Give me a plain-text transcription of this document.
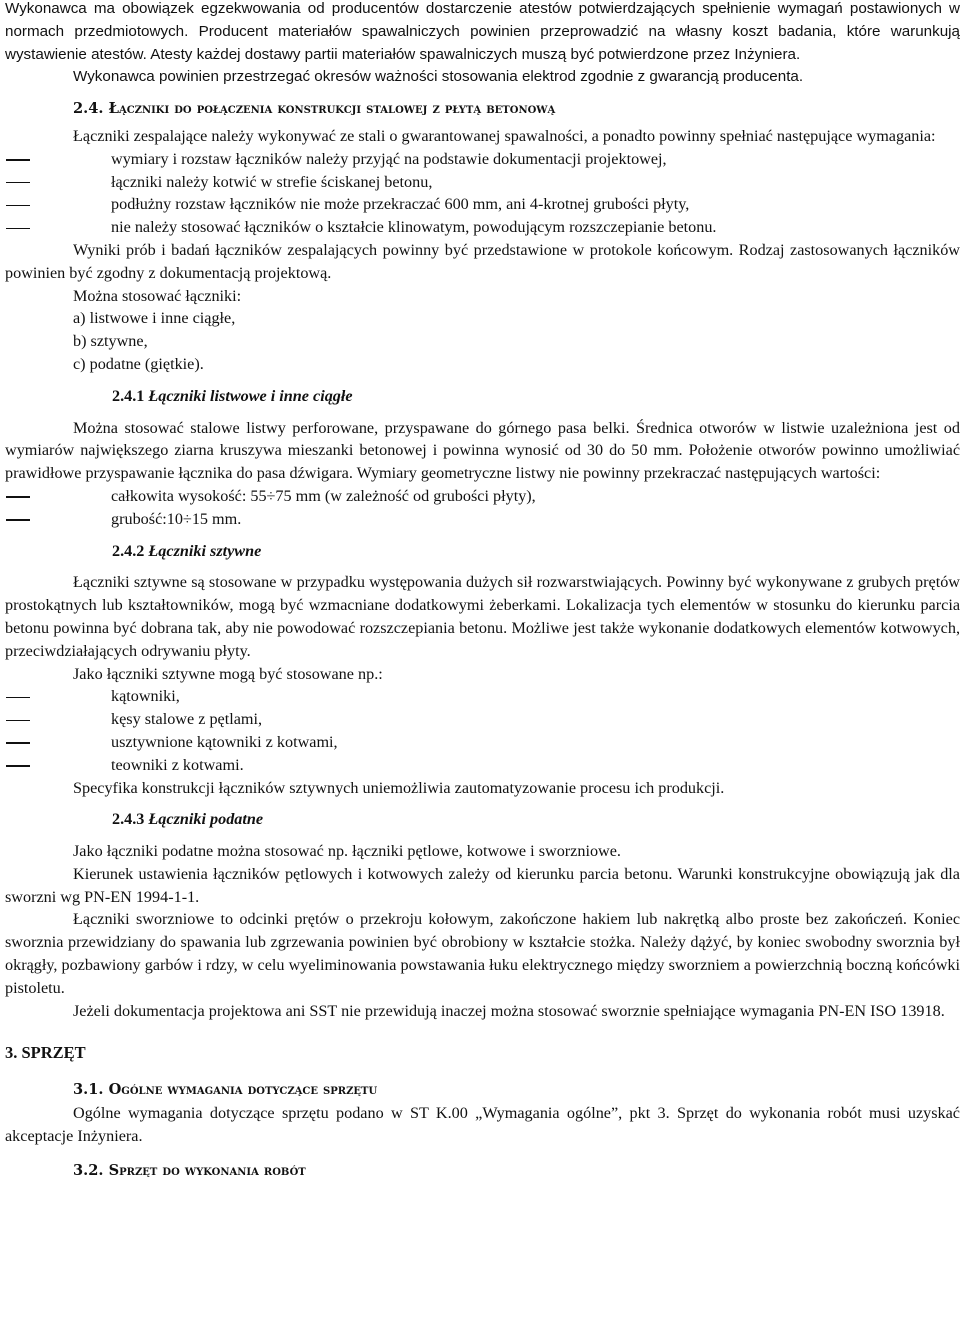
Wykonawca ma obowiązek egzekwowania od producentów dostarczenie atestów potwierdzających spełnienie wymagań postawionych w normach przedmiotowych. Producent materiałów spawalniczych powinien przeprowadzić na własny koszt badania, które warunkują wystawienie atestów. Atesty każdej dostawy partii materiałów spawalniczych muszą być potwierdzone przez Inżyniera.

Wykonawca powinien przestrzegać okresów ważności stosowania elektrod zgodnie z gwarancją producenta.

2.4. Łączniki do połączenia konstrukcji stalowej z płytą betonową

Łączniki zespalające należy wykonywać ze stali o gwarantowanej spawalności, a ponadto powinny spełniać następujące wymagania:

wymiary i rozstaw łączników należy przyjąć na podstawie dokumentacji projektowej,
łączniki należy kotwić w strefie ściskanej betonu,
podłużny rozstaw łączników nie może przekraczać 600 mm, ani 4-krotnej grubości płyty,
nie należy stosować łączników o kształcie klinowatym, powodującym rozszczepianie betonu.

Wyniki prób i badań łączników zespalających powinny być przedstawione w protokole końcowym. Rodzaj zastosowanych łączników powinien być zgodny z dokumentacją projektową.

Można stosować łączniki:

a) listwowe i inne ciągłe,
b) sztywne,
c) podatne (giętkie).

2.4.1 Łączniki listwowe i inne ciągłe

Można stosować stalowe listwy perforowane, przyspawane do górnego pasa belki. Średnica otworów w listwie uzależniona jest od wymiarów największego ziarna kruszywa mieszanki betonowej i powinna wynosić od 30 do 50 mm. Położenie otworów powinno umożliwiać prawidłowe przyspawanie łącznika do pasa dźwigara. Wymiary geometryczne listwy nie powinny przekraczać następujących wartości:

całkowita wysokość: 55÷75 mm (w zależność od grubości płyty),
grubość:10÷15 mm.

2.4.2 Łączniki sztywne

Łączniki sztywne są stosowane w przypadku występowania dużych sił rozwarstwiających. Powinny być wykonywane z grubych prętów prostokątnych lub kształtowników, mogą być wzmacniane dodatkowymi żeberkami. Lokalizacja tych elementów w stosunku do kierunku parcia betonu powinna być dobrana tak, aby nie powodować rozszczepiania betonu. Możliwe jest także wykonanie dodatkowych elementów kotwowych, przeciwdziałających odrywaniu płyty.

Jako łączniki sztywne mogą być stosowane np.:

kątowniki,
kęsy stalowe z pętlami,
usztywnione kątowniki z kotwami,
teowniki z kotwami.

Specyfika konstrukcji łączników sztywnych uniemożliwia zautomatyzowanie procesu ich produkcji.

2.4.3 Łączniki podatne

Jako łączniki podatne można stosować np. łączniki pętlowe, kotwowe i sworzniowe.

Kierunek ustawienia łączników pętlowych i kotwowych zależy od kierunku parcia betonu. Warunki konstrukcyjne obowiązują jak dla sworzni wg PN-EN 1994-1-1.

Łączniki sworzniowe to odcinki prętów o przekroju kołowym, zakończone hakiem lub nakrętką albo proste bez zakończeń. Koniec sworznia przewidziany do spawania lub zgrzewania powinien być obrobiony w kształcie stożka. Należy dążyć, by koniec swobodny sworznia był okrągły, pozbawiony garbów i rdzy, w celu wyeliminowania powstawania łuku elektrycznego między sworzniem a powierzchnią boczną końcówki pistoletu.

Jeżeli dokumentacja projektowa ani SST nie przewidują inaczej można stosować sworznie spełniające wymagania PN-EN ISO 13918.

3. SPRZĘT

3.1. Ogólne wymagania dotyczące sprzętu

Ogólne wymagania dotyczące sprzętu podano w ST K.00 „Wymagania ogólne”, pkt 3. Sprzęt do wykonania robót musi uzyskać akceptacje Inżyniera.

3.2. Sprzęt do wykonania robót
